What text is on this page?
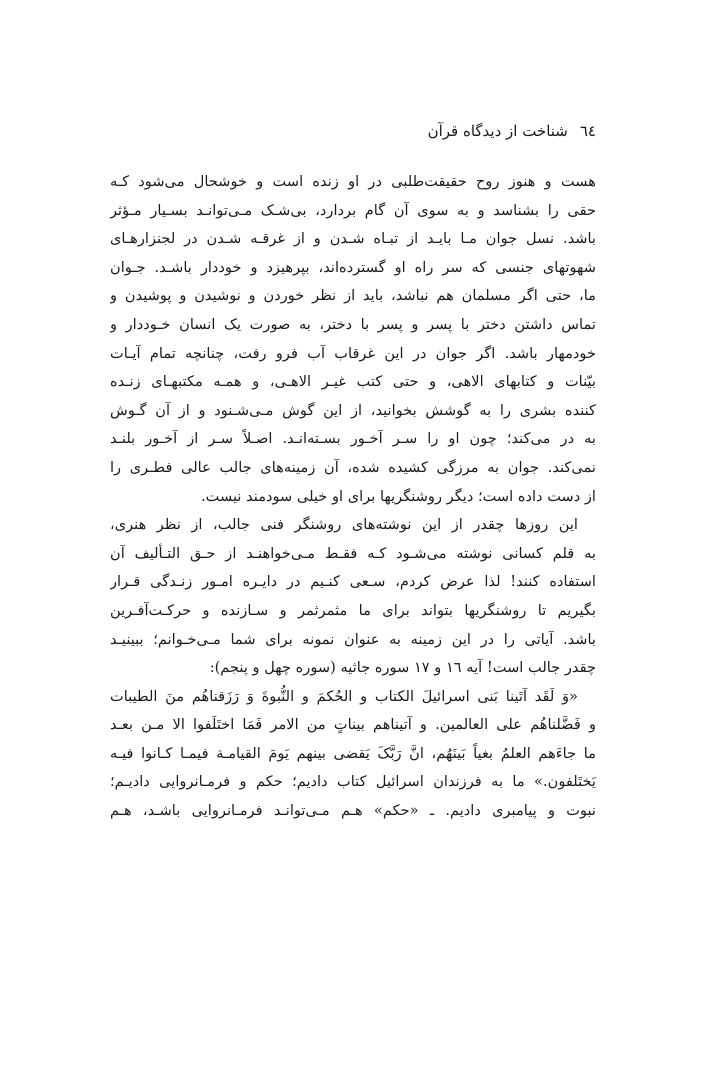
٦٤شناخت از دیدگاه قرآن
هست و هنوز روح حقیقت‌طلبی در او زنده است و خوشحال می‌شود کـه
حقی را بشناسد و به سوی آن گام بردارد، بی‌شـک مـی‌توانـد بسـیار مـؤثر
باشد. نسل جوان مـا بایـد از تبـاه شـدن و از غرقـه شـدن در لجنزارهـای
شهوتهای جنسی که سر راه او گسترده‌اند، بپرهیزد و خوددار باشـد. جـوان
ما، حتی اگر مسلمان هم نباشد، باید از نظر خوردن و نوشیدن و پوشیدن و
تماس داشتن دختر با پسر و پسر با دختر، به صورت یک انسان خـوددار و
خودمهار باشد. اگر جوان در این غرقاب آب فرو رفت، چنانچه تمام آیـات
بیّنات و کتابهای الاهی، و حتی کتب غیـر الاهـی، و همـه مکتبهـای زنـده
کننده بشری را به گوشش بخوانید، از این گوش مـی‌شـنود و از آن گـوش
به در می‌کند؛ چون او را سـر آخـور بسـته‌انـد. اصـلاً سـر از آخـور بلنـد
نمی‌کند. جوان به مرزگی کشیده شده، آن زمینه‌های جالب عالی فطـری را
از دست داده است؛ دیگر روشنگریها برای او خیلی سودمند نیست.
این روزها چقدر از این نوشته‌های روشنگر فنی جالب، از نظر هنری،
به قلم کسانی نوشته می‌شـود کـه فقـط مـی‌خواهنـد از حـق التـألیف آن
استفاده کنند! لذا عرض کردم، سـعی کنـیم در دایـره امـور زنـدگی قـرار
بگیریم تا روشنگریها بتواند برای ما مثمرثمر و سـازنده و حرکـت‌آفـرین
باشد. آیاتی را در این زمینه به عنوان نمونه برای شما مـی‌خـوانم؛ ببینیـد
چقدر جالب است! آیه ١٦ و ١٧ سوره جاثیه (سوره چهل و پنجم):
«وَ لَقَد آتَینا بَنی اسرائیلَ الکتاب و الحُکمَ و النُّبوةَ وَ رَزَقناهُم منَ الطیبات
و فَضَّلناهُم علی العالمین. و آتیناهم بیناتٍ من الامر فَمَا اختَلَفوا الا مـن بعـد
ما جاءَهم العلمُ بغیاً بَینَهُم، انَّ رَبَّکَ یَقضی بینهم یَومَ القیامـة فیمـا کـانوا فیـه
یَختَلفون.» ما به فرزندان اسرائیل کتاب دادیم؛ حکم و فرمـانروایی دادیـم؛
نبوت و پیامبری دادیم. ـ «حکم» هـم مـی‌توانـد فرمـانروایی باشـد، هـم
